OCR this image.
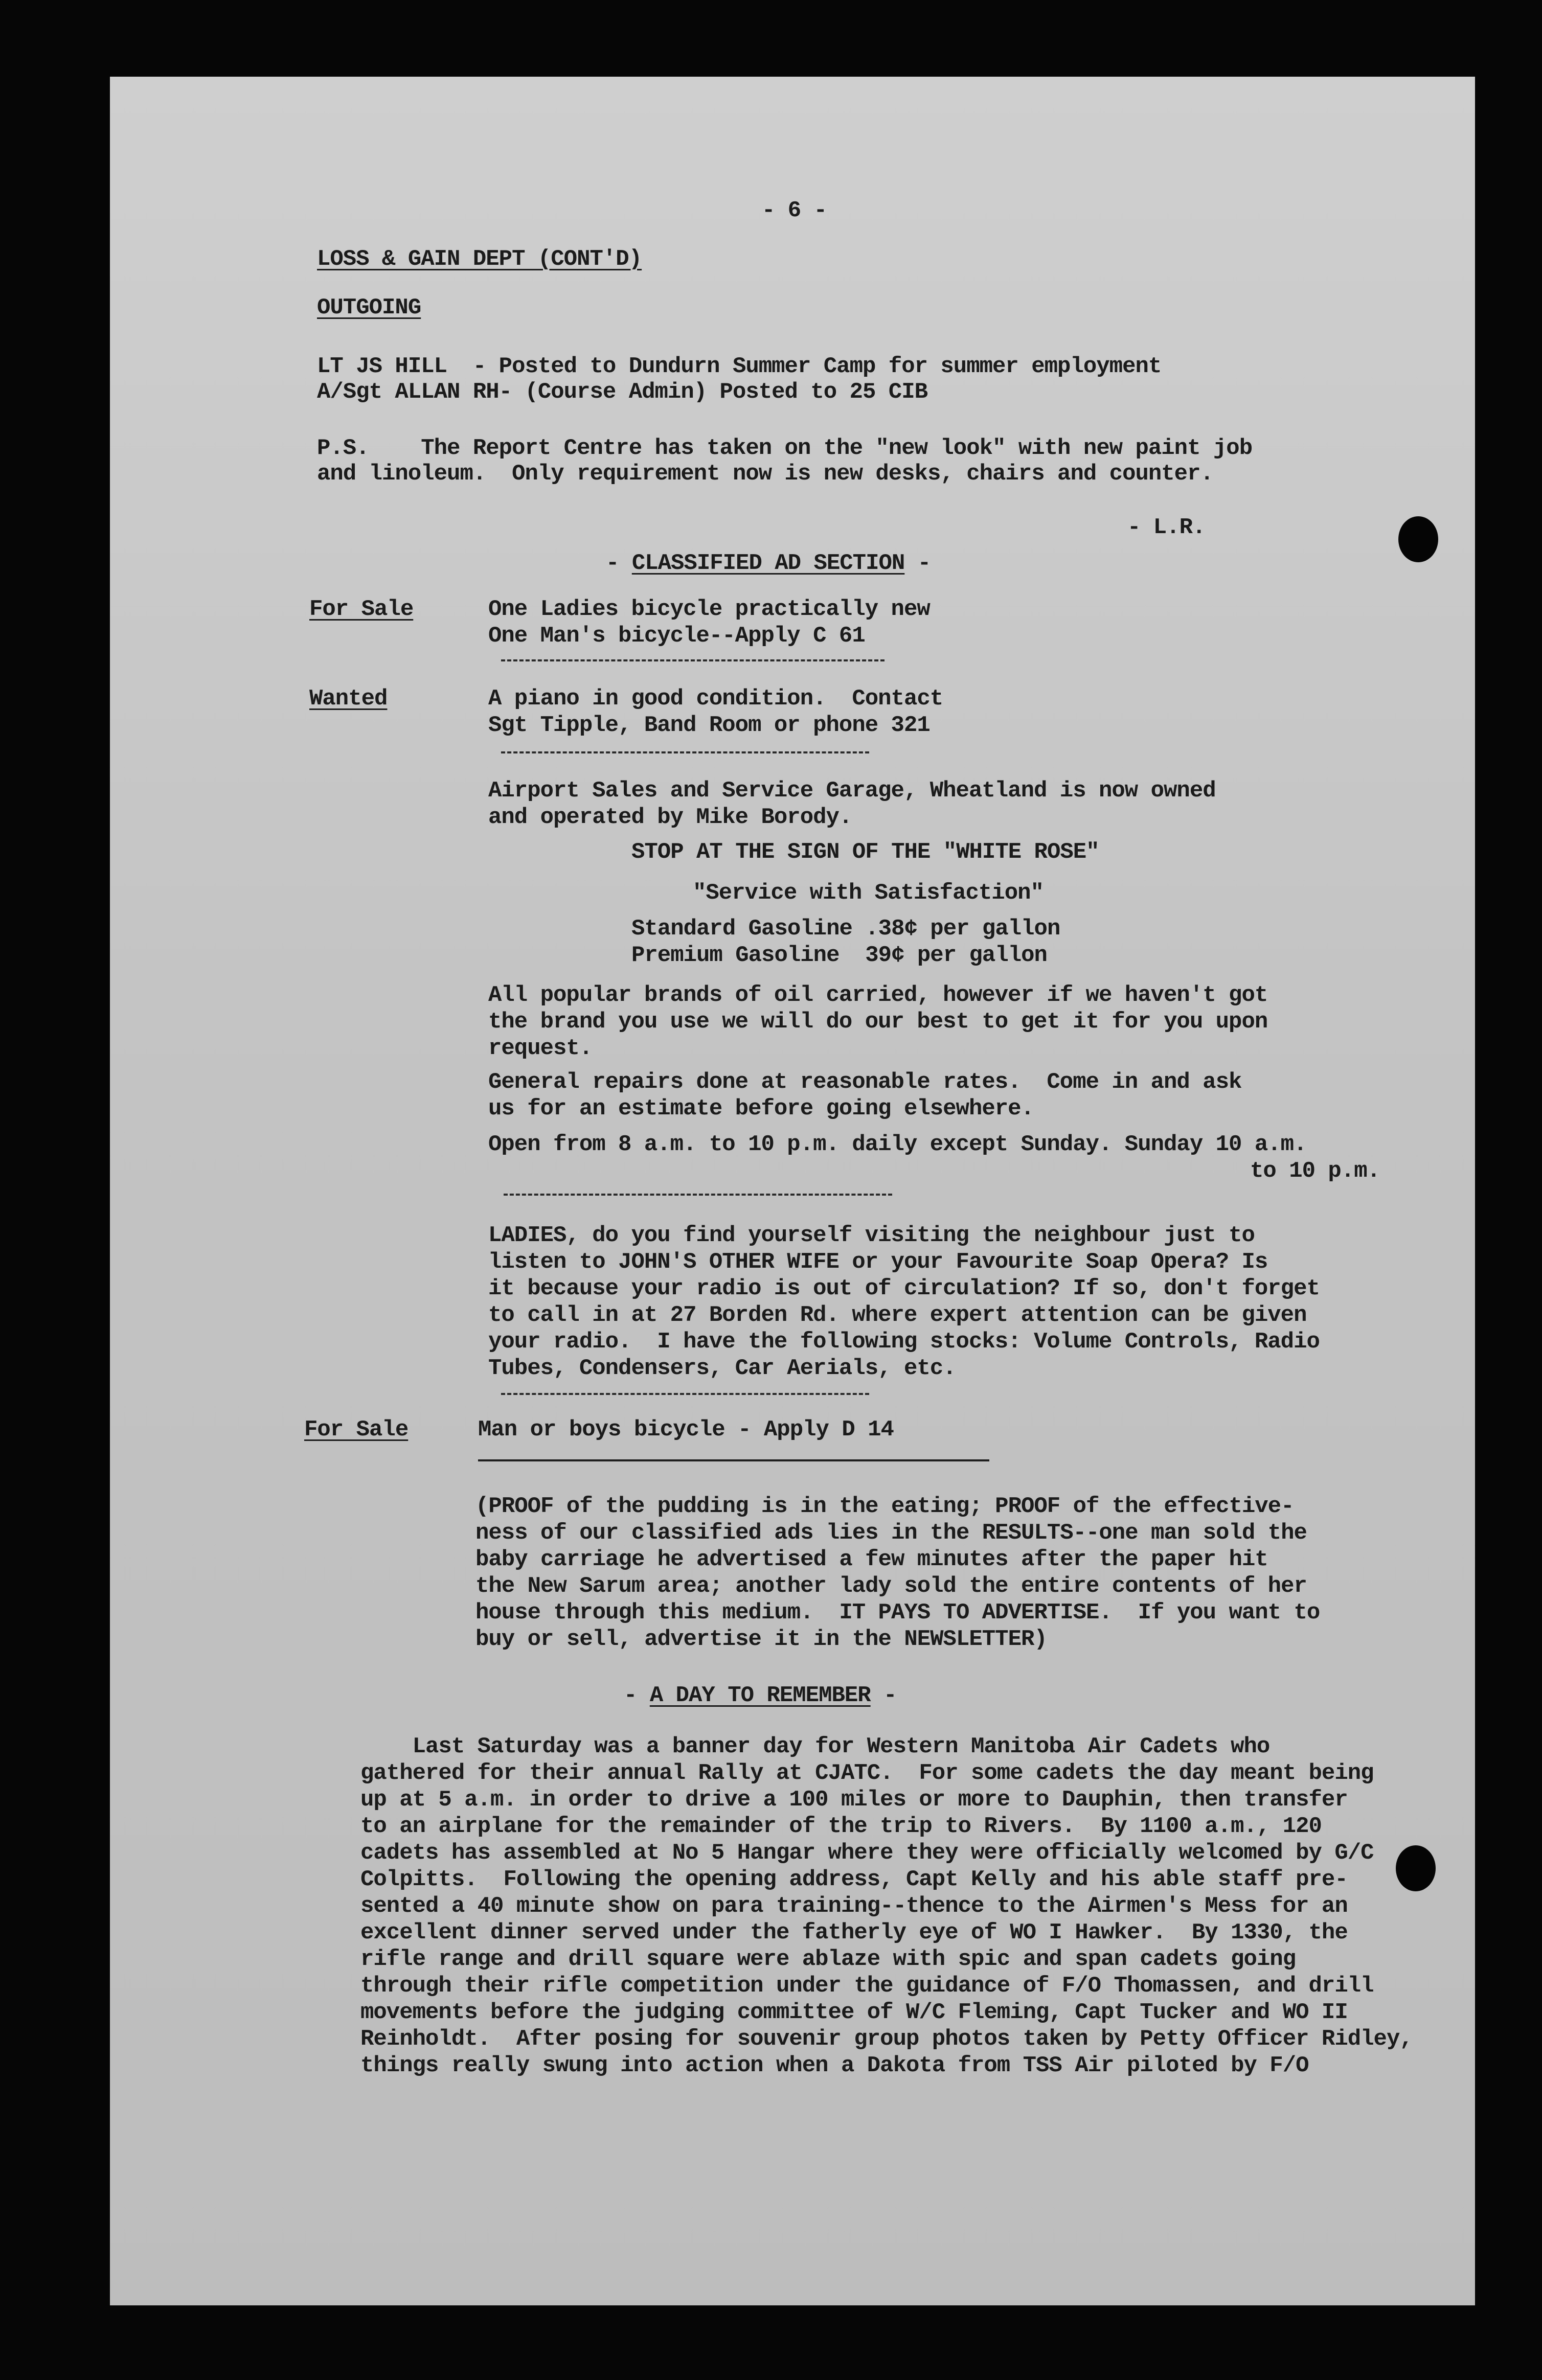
- 6 -
LOSS & GAIN DEPT (CONT'D)
OUTGOING
LT JS HILL  - Posted to Dundurn Summer Camp for summer employment
A/Sgt ALLAN RH- (Course Admin) Posted to 25 CIB
P.S.    The Report Centre has taken on the "new look" with new paint job
and linoleum.  Only requirement now is new desks, chairs and counter.
- L.R.
- CLASSIFIED AD SECTION -
For Sale	One Ladies bicycle practically new
One Man's bicycle--Apply C 61
Wanted	A piano in good condition.  Contact
Sgt Tipple, Band Room or phone 321
Airport Sales and Service Garage, Wheatland is now owned
and operated by Mike Borody.
STOP AT THE SIGN OF THE "WHITE ROSE"
"Service with Satisfaction"
Standard Gasoline .38¢ per gallon
Premium Gasoline  39¢ per gallon
All popular brands of oil carried, however if we haven't got
the brand you use we will do our best to get it for you upon
request.
General repairs done at reasonable rates.  Come in and ask
us for an estimate before going elsewhere.
Open from 8 a.m. to 10 p.m. daily except Sunday. Sunday 10 a.m.
to 10 p.m.
LADIES, do you find yourself visiting the neighbour just to
listen to JOHN'S OTHER WIFE or your Favourite Soap Opera? Is
it because your radio is out of circulation? If so, don't forget
to call in at 27 Borden Rd. where expert attention can be given
your radio.  I have the following stocks: Volume Controls, Radio
Tubes, Condensers, Car Aerials, etc.
For Sale	Man or boys bicycle - Apply D 14
(PROOF of the pudding is in the eating; PROOF of the effective-
ness of our classified ads lies in the RESULTS--one man sold the
baby carriage he advertised a few minutes after the paper hit
the New Sarum area; another lady sold the entire contents of her
house through this medium.  IT PAYS TO ADVERTISE.  If you want to
buy or sell, advertise it in the NEWSLETTER)
- A DAY TO REMEMBER -
Last Saturday was a banner day for Western Manitoba Air Cadets who
gathered for their annual Rally at CJATC.  For some cadets the day meant being
up at 5 a.m. in order to drive a 100 miles or more to Dauphin, then transfer
to an airplane for the remainder of the trip to Rivers.  By 1100 a.m., 120
cadets has assembled at No 5 Hangar where they were officially welcomed by G/C
Colpitts.  Following the opening address, Capt Kelly and his able staff pre-
sented a 40 minute show on para training--thence to the Airmen's Mess for an
excellent dinner served under the fatherly eye of WO I Hawker.  By 1330, the
rifle range and drill square were ablaze with spic and span cadets going
through their rifle competition under the guidance of F/O Thomassen, and drill
movements before the judging committee of W/C Fleming, Capt Tucker and WO II
Reinholdt.  After posing for souvenir group photos taken by Petty Officer Ridley,
things really swung into action when a Dakota from TSS Air piloted by F/O
